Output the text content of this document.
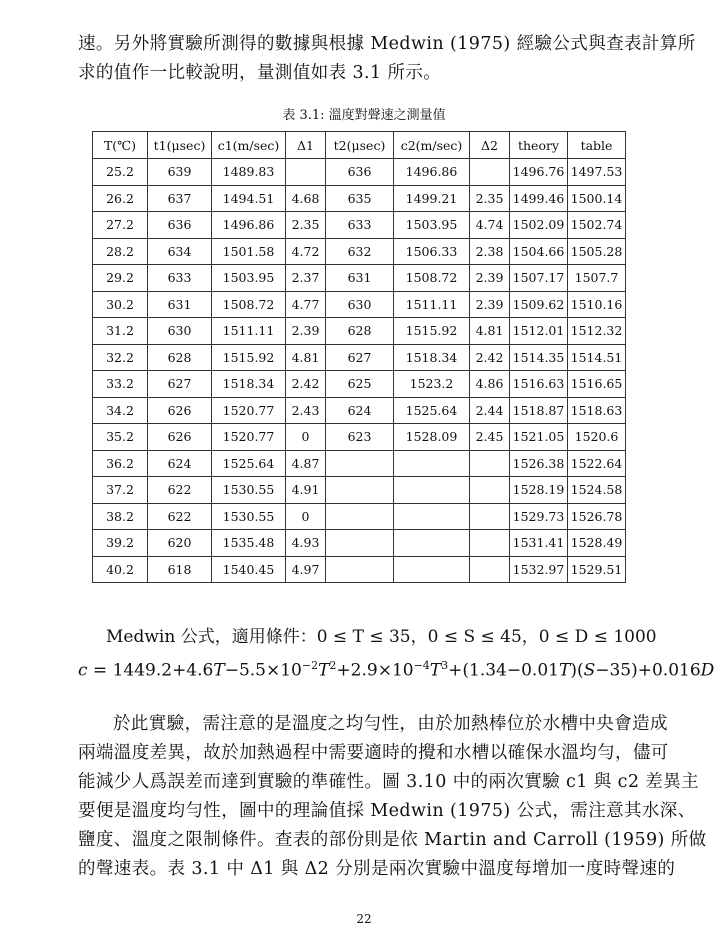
速。另外將實驗所測得的數據與根據 Medwin (1975) 經驗公式與查表計算所
求的值作一比較說明，量測值如表 3.1 所示。
表 3.1: 溫度對聲速之測量值
T(℃)	t1(μsec)	c1(m/sec)	Δ1	t2(μsec)	c2(m/sec)	Δ2	theory	table
25.2	639	1489.83		636	1496.86		1496.76	1497.53
26.2	637	1494.51	4.68	635	1499.21	2.35	1499.46	1500.14
27.2	636	1496.86	2.35	633	1503.95	4.74	1502.09	1502.74
28.2	634	1501.58	4.72	632	1506.33	2.38	1504.66	1505.28
29.2	633	1503.95	2.37	631	1508.72	2.39	1507.17	1507.7
30.2	631	1508.72	4.77	630	1511.11	2.39	1509.62	1510.16
31.2	630	1511.11	2.39	628	1515.92	4.81	1512.01	1512.32
32.2	628	1515.92	4.81	627	1518.34	2.42	1514.35	1514.51
33.2	627	1518.34	2.42	625	1523.2	4.86	1516.63	1516.65
34.2	626	1520.77	2.43	624	1525.64	2.44	1518.87	1518.63
35.2	626	1520.77	0	623	1528.09	2.45	1521.05	1520.6
36.2	624	1525.64	4.87				1526.38	1522.64
37.2	622	1530.55	4.91				1528.19	1524.58
38.2	622	1530.55	0				1529.73	1526.78
39.2	620	1535.48	4.93				1531.41	1528.49
40.2	618	1540.45	4.97				1532.97	1529.51
Medwin 公式，適用條件：0 ≤ T ≤ 35，0 ≤ S ≤ 45，0 ≤ D ≤ 1000
$c = 1449.2+4.6T-5.5\times 10^{-2}T^2+2.9\times 10^{-4}T^3+(1.34-0.01T)(S-35)+0.016D$
於此實驗，需注意的是溫度之均勻性，由於加熱棒位於水槽中央會造成
兩端溫度差異，故於加熱過程中需要適時的攪和水槽以確保水溫均勻，儘可
能減少人爲誤差而達到實驗的準確性。圖 3.10 中的兩次實驗 c1 與 c2 差異主
要便是溫度均勻性，圖中的理論值採 Medwin (1975) 公式，需注意其水深、
鹽度、溫度之限制條件。查表的部份則是依 Martin and Carroll (1959) 所做
的聲速表。表 3.1 中 Δ1 與 Δ2 分別是兩次實驗中溫度每增加一度時聲速的
22
